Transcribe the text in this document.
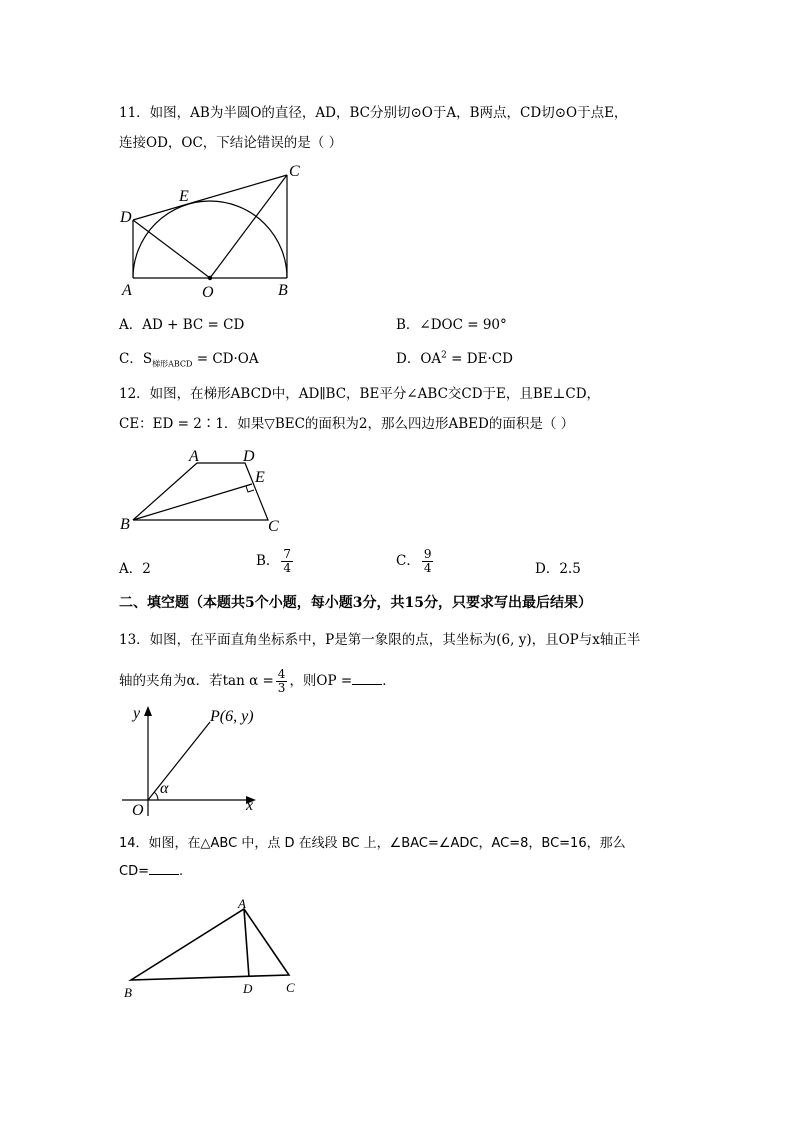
11．如图，AB为半圆O的直径，AD，BC分别切⊙O于A，B两点，CD切⊙O于点E，
连接OD，OC，下结论错误的是（ ）
C
E
D
A	O	B
A．AD + BC = CD	B．∠DOC = 90°
C．$S_{梯形ABCD} = CD\cdot OA$	D．$OA^2 = DE\cdot CD$
12．如图，在梯形ABCD中，AD∥BC，BE平分∠ABC交CD于E，且BE⊥CD，
CE：ED = 2∶1．如果▽BEC的面积为2，那么四边形ABED的面积是（ ）
A	D
E
B	C
A．2	B． $\frac{7}{4}$	C． $\frac{9}{4}$	D．2.5
二、填空题（本题共5个小题，每小题3分，共15分，只要求写出最后结果）
13．如图，在平面直角坐标系中，P是第一象限的点，其坐标为(6, y)，且OP与x轴正半
轴的夹角为α．若$\tan \alpha = \frac{4}{3}$ ，则OP = ．
y	P(6, y)
α
O	x
14．如图，在△ABC 中，点 D 在线段 BC 上，∠BAC=∠ADC，AC=8，BC=16，那么
CD= .
A
B	D	C
